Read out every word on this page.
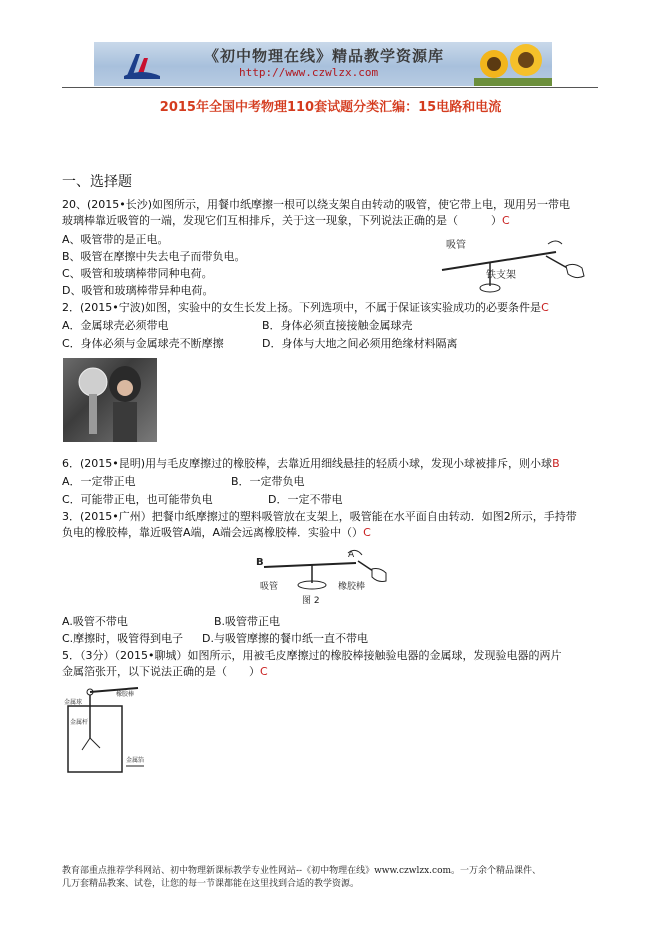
《初中物理在线》精品教学资源库
http://www.czwlzx.com
2015年全国中考物理110套试题分类汇编：15电路和电流
一、选择题
20、(2015•长沙)如图所示，用餐巾纸摩擦一根可以绕支架自由转动的吸管，使它带上电，现用另一带电
玻璃棒靠近吸管的一端，发现它们互相排斥，关于这一现象，下列说法正确的是（　　　）C
A、吸管带的是正电。
B、吸管在摩擦中失去电子而带负电。
C、吸管和玻璃棒带同种电荷。
D、吸管和玻璃棒带异种电荷。
吸管
铁支架
2．(2015•宁波)如图，实验中的女生长发上扬。下列选项中，不属于保证该实验成功的必要条件是C
A．金属球壳必须带电	B．身体必须直接接触金属球壳
C．身体必须与金属球壳不断摩擦	D．身体与大地之间必须用绝缘材料隔离
6．(2015•昆明)用与毛皮摩擦过的橡胶棒，去靠近用细线悬挂的轻质小球，发现小球被排斥，则小球B
A．一定带正电	B．一定带负电
C．可能带正电，也可能带负电	D．一定不带电
3．(2015•广州）把餐巾纸摩擦过的塑料吸管放在支架上，吸管能在水平面自由转动．如图2所示，手持带
负电的橡胶棒，靠近吸管A端，A端会远离橡胶棒．实验中（）C
B
A
吸管	橡胶棒
图 2
A.吸管不带电	B.吸管带正电
C.摩擦时，吸管得到电子 D.与吸管摩擦的餐巾纸一直不带电
5．（3分）（2015•聊城）如图所示，用被毛皮摩擦过的橡胶棒接触验电器的金属球，发现验电器的两片
金属箔张开，以下说法正确的是（　　）C
橡胶棒
金属球
金属杆
金属箔
教育部重点推荐学科网站、初中物理新课标教学专业性网站--《初中物理在线》www.czwlzx.com。一万余个精品课件、
几万套精品教案、试卷，让您的每一节课都能在这里找到合适的教学资源。
